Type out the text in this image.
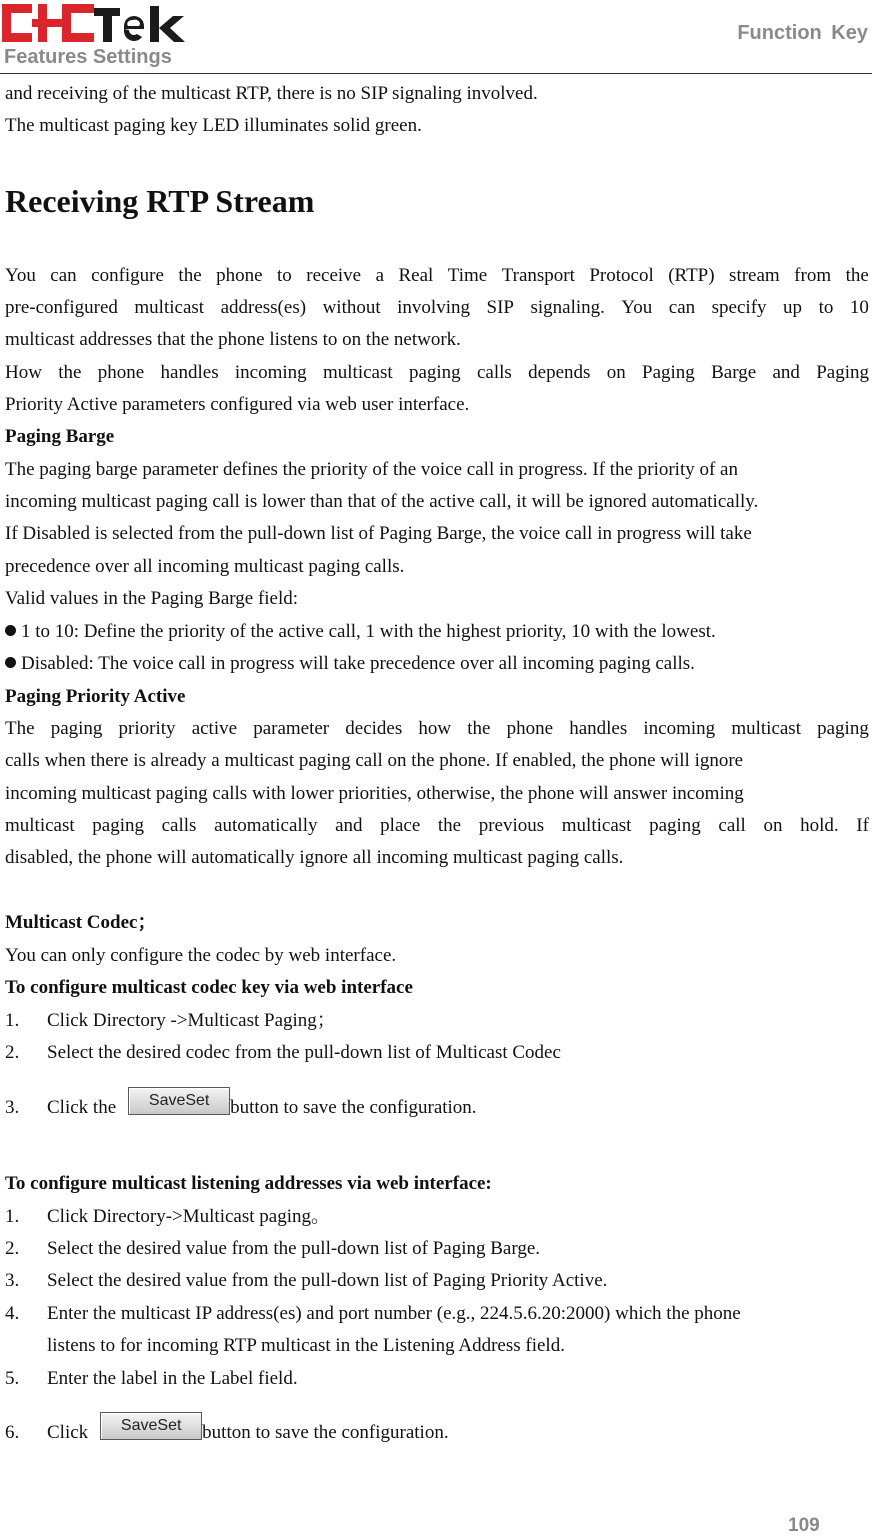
Features Settings
Function Key
and receiving of the multicast RTP, there is no SIP signaling involved.
The multicast paging key LED illuminates solid green.
Receiving RTP Stream
You can configure the phone to receive a Real Time Transport Protocol (RTP) stream from the
pre-configured multicast address(es) without involving SIP signaling. You can specify up to 10
multicast addresses that the phone listens to on the network.
How the phone handles incoming multicast paging calls depends on Paging Barge and Paging
Priority Active parameters configured via web user interface.
Paging Barge
The paging barge parameter defines the priority of the voice call in progress. If the priority of an
incoming multicast paging call is lower than that of the active call, it will be ignored automatically.
If Disabled is selected from the pull-down list of Paging Barge, the voice call in progress will take
precedence over all incoming multicast paging calls.
Valid values in the Paging Barge field:
1 to 10: Define the priority of the active call, 1 with the highest priority, 10 with the lowest.
Disabled: The voice call in progress will take precedence over all incoming paging calls.
Paging Priority Active
The paging priority active parameter decides how the phone handles incoming multicast paging
calls when there is already a multicast paging call on the phone. If enabled, the phone will ignore
incoming multicast paging calls with lower priorities, otherwise, the phone will answer incoming
multicast paging calls automatically and place the previous multicast paging call on hold. If
disabled, the phone will automatically ignore all incoming multicast paging calls.
Multicast Codec；
You can only configure the codec by web interface.
To configure multicast codec key via web interface
1. Click Directory ->Multicast Paging；
2. Select the desired codec from the pull-down list of Multicast Codec
3. Click the SaveSet button to save the configuration.
To configure multicast listening addresses via web interface:
1. Click Directory->Multicast paging。
2. Select the desired value from the pull-down list of Paging Barge.
3. Select the desired value from the pull-down list of Paging Priority Active.
4. Enter the multicast IP address(es) and port number (e.g., 224.5.6.20:2000) which the phone
listens to for incoming RTP multicast in the Listening Address field.
5. Enter the label in the Label field.
6. Click SaveSet button to save the configuration.
109
